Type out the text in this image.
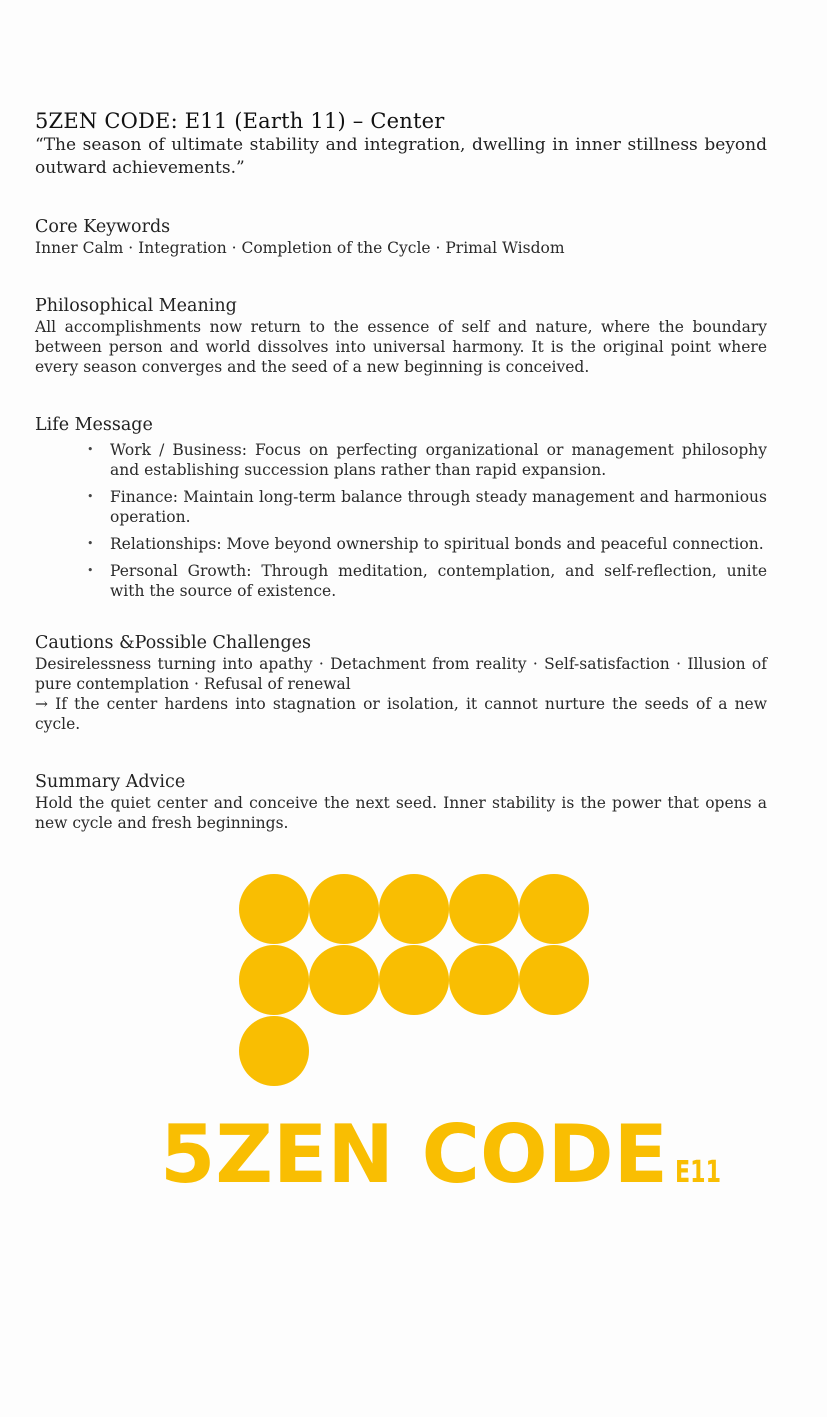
5ZEN CODE: E11 (Earth 11) – Center

“The season of ultimate stability and integration, dwelling in inner stillness beyond outward achievements.”

Core Keywords

Inner Calm · Integration · Completion of the Cycle · Primal Wisdom

Philosophical Meaning

All accomplishments now return to the essence of self and nature, where the boundary between person and world dissolves into universal harmony. It is the original point where every season converges and the seed of a new beginning is conceived.

Life Message
• Work / Business: Focus on perfecting organizational or management philosophy and establishing succession plans rather than rapid expansion.
• Finance: Maintain long-term balance through steady management and harmonious operation.
• Relationships: Move beyond ownership to spiritual bonds and peaceful connection.
• Personal Growth: Through meditation, contemplation, and self-reflection, unite with the source of existence.
Cautions &Possible Challenges

Desirelessness turning into apathy · Detachment from reality · Self-satisfaction · Illusion of pure contemplation · Refusal of renewal

→ If the center hardens into stagnation or isolation, it cannot nurture the seeds of a new cycle.

Summary Advice

Hold the quiet center and conceive the next seed. Inner stability is the power that opens a new cycle and fresh beginnings.

5ZEN CODE E11
